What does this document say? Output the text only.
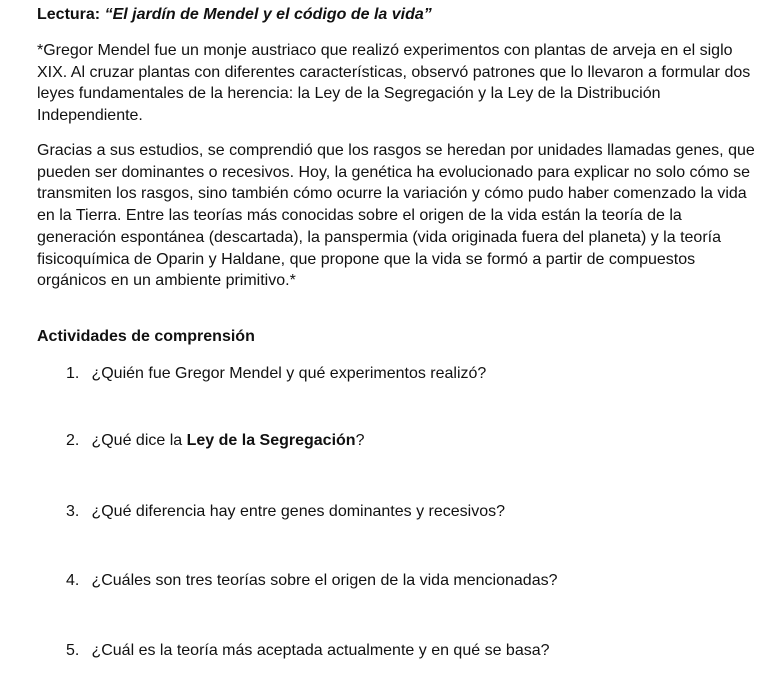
Lectura: “El jardín de Mendel y el código de la vida”

*Gregor Mendel fue un monje austriaco que realizó experimentos con plantas de arveja en el siglo XIX. Al cruzar plantas con diferentes características, observó patrones que lo llevaron a formular dos leyes fundamentales de la herencia: la Ley de la Segregación y la Ley de la Distribución Independiente.

Gracias a sus estudios, se comprendió que los rasgos se heredan por unidades llamadas genes, que pueden ser dominantes o recesivos. Hoy, la genética ha evolucionado para explicar no solo cómo se transmiten los rasgos, sino también cómo ocurre la variación y cómo pudo haber comenzado la vida en la Tierra. Entre las teorías más conocidas sobre el origen de la vida están la teoría de la generación espontánea (descartada), la panspermia (vida originada fuera del planeta) y la teoría fisicoquímica de Oparin y Haldane, que propone que la vida se formó a partir de compuestos orgánicos en un ambiente primitivo.*

Actividades de comprensión
1. ¿Quién fue Gregor Mendel y qué experimentos realizó?
2. ¿Qué dice la Ley de la Segregación?
3. ¿Qué diferencia hay entre genes dominantes y recesivos?
4. ¿Cuáles son tres teorías sobre el origen de la vida mencionadas?
5. ¿Cuál es la teoría más aceptada actualmente y en qué se basa?
